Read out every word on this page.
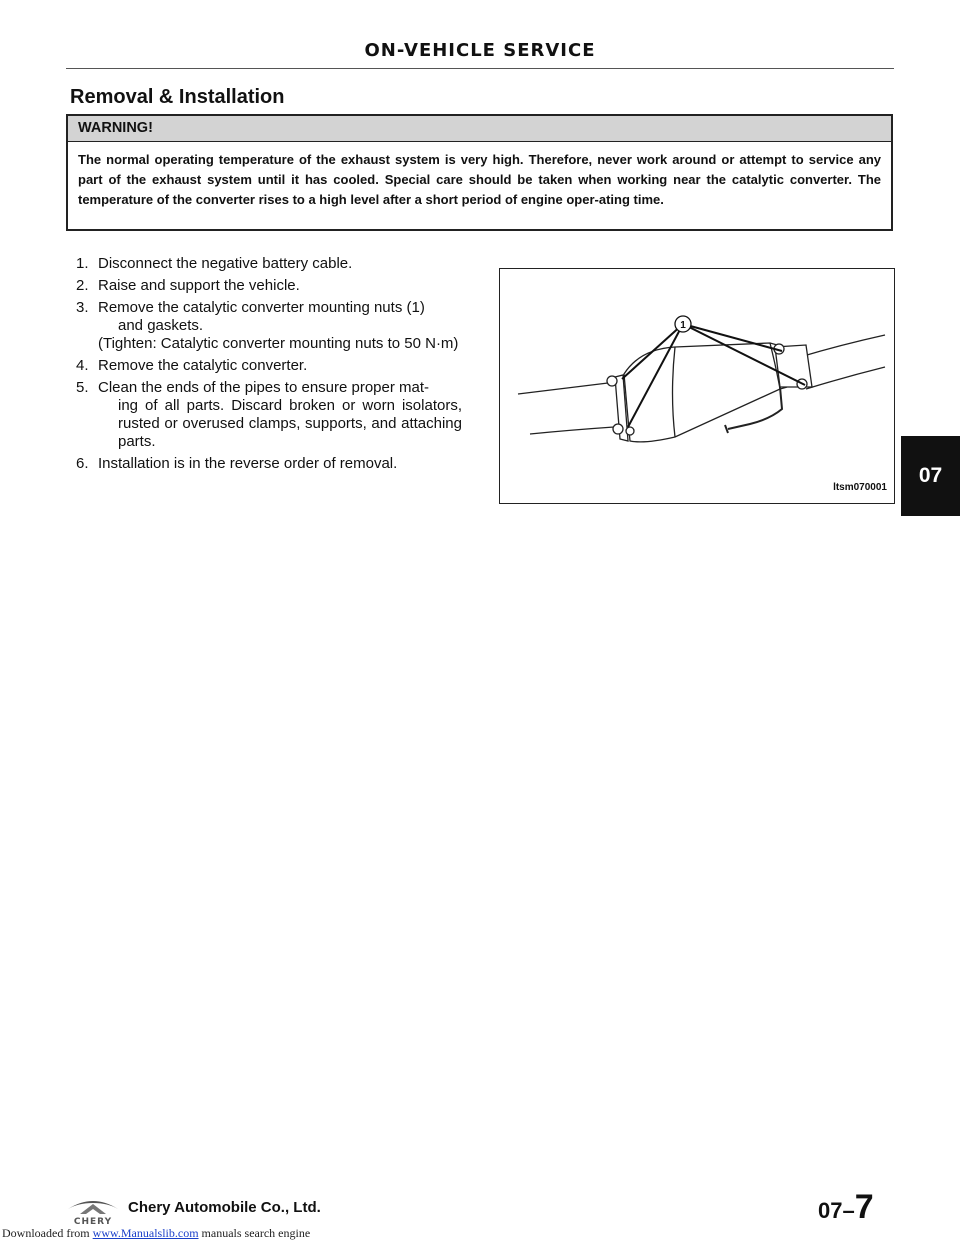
ON-VEHICLE SERVICE
Removal & Installation
WARNING!
The normal operating temperature of the exhaust system is very high. Therefore, never work around or attempt to service any part of the exhaust system until it has cooled. Special care should be taken when working near the catalytic converter. The temperature of the converter rises to a high level after a short period of engine oper-ating time.
1. Disconnect the negative battery cable.
2. Raise and support the vehicle.
3. Remove the catalytic converter mounting nuts (1)
and gaskets.
(Tighten: Catalytic converter mounting nuts to 50 N·m)
4. Remove the catalytic converter.
5. Clean the ends of the pipes to ensure proper mat-
ing of all parts. Discard broken or worn isolators, rusted or overused clamps, supports, and attaching parts.
6. Installation is in the reverse order of removal.
1
ltsm070001
07
CHERY
Chery Automobile Co., Ltd.	07–7
Downloaded from www.Manualslib.com manuals search engine
